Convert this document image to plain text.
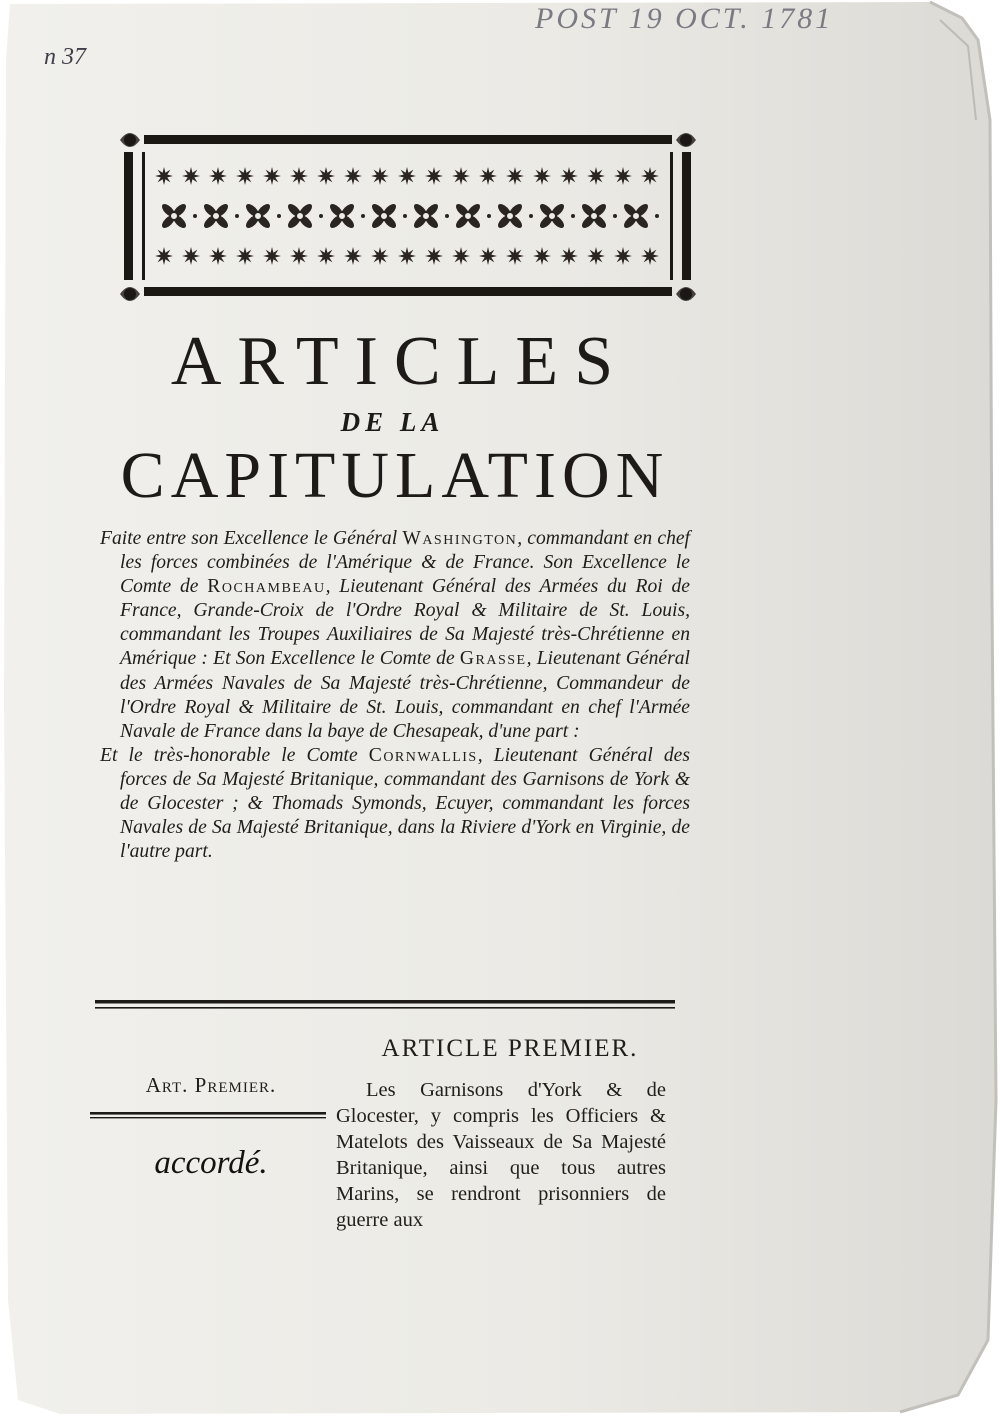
n 37
POST 19 OCT. 1781
ARTICLES
DE LA
CAPITULATION

Faite entre son Excellence le Général Washington, commandant en chef les forces combinées de l'Amérique & de France. Son Excellence le Comte de Rochambeau, Lieutenant Général des Armées du Roi de France, Grande-Croix de l'Ordre Royal & Militaire de St. Louis, commandant les Troupes Auxiliaires de Sa Majesté très-Chrétienne en Amérique : Et Son Excellence le Comte de Grasse, Lieutenant Général des Armées Navales de Sa Majesté très-Chrétienne, Commandeur de l'Ordre Royal & Militaire de St. Louis, commandant en chef l'Armée Navale de France dans la baye de Chesapeak, d'une part :

Et le très-honorable le Comte Cornwallis, Lieutenant Général des forces de Sa Majesté Britanique, commandant des Garnisons de York & de Glocester ; & Thomads Symonds, Ecuyer, commandant les forces Navales de Sa Majesté Britanique, dans la Riviere d'York en Virginie, de l'autre part.

ARTICLE PREMIER.
Art. Premier.
accordé.
Les Garnisons d'York & de Glocester, y compris les Officiers & Matelots des Vaisseaux de Sa Majesté Britanique, ainsi que tous autres Marins, se rendront prisonniers de guerre aux
